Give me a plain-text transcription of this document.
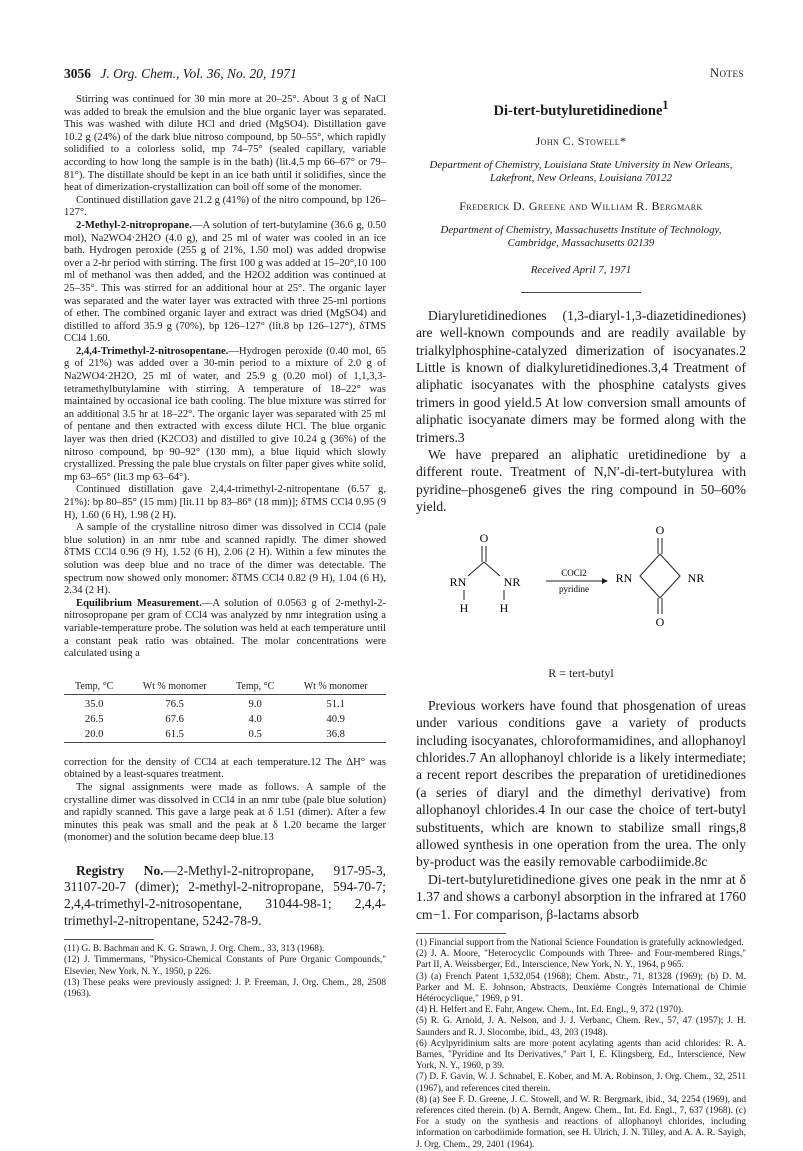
3056 J. Org. Chem., Vol. 36, No. 20, 1971	Notes

Stirring was continued for 30 min more at 20–25°. About 3 g of NaCl was added to break the emulsion and the blue organic layer was separated. This was washed with dilute HCl and dried (MgSO4). Distillation gave 10.2 g (24%) of the dark blue nitroso compound, bp 50–55°, which rapidly solidified to a colorless solid, mp 74–75° (sealed capillary, variable according to how long the sample is in the bath) (lit.4,5 mp 66–67° or 79–81°). The distillate should be kept in an ice bath until it solidifies, since the heat of dimerization-crystallization can boil off some of the monomer.

Continued distillation gave 21.2 g (41%) of the nitro compound, bp 126–127°.

2-Methyl-2-nitropropane.—A solution of tert-butylamine (36.6 g, 0.50 mol), Na2WO4·2H2O (4.0 g), and 25 ml of water was cooled in an ice bath. Hydrogen peroxide (255 g of 21%, 1.50 mol) was added dropwise over a 2-hr period with stirring. The first 100 g was added at 15–20°,10 100 ml of methanol was then added, and the H2O2 addition was continued at 25–35°. This was stirred for an additional hour at 25°. The organic layer was separated and the water layer was extracted with three 25-ml portions of ether. The combined organic layer and extract was dried (MgSO4) and distilled to afford 35.9 g (70%), bp 126–127° (lit.8 bp 126–127°), δTMS CCl4 1.60.

2,4,4-Trimethyl-2-nitrosopentane.—Hydrogen peroxide (0.40 mol, 65 g of 21%) was added over a 30-min period to a mixture of 2.0 g of Na2WO4·2H2O, 25 ml of water, and 25.9 g (0.20 mol) of 1,1,3,3-tetramethylbutylamine with stirring. A temperature of 18–22° was maintained by occasional ice bath cooling. The blue mixture was stirred for an additional 3.5 hr at 18–22°. The organic layer was separated with 25 ml of pentane and then extracted with excess dilute HCl. The blue organic layer was then dried (K2CO3) and distilled to give 10.24 g (36%) of the nitroso compound, bp 90–92° (130 mm), a blue liquid which slowly crystallized. Pressing the pale blue crystals on filter paper gives white solid, mp 63–65° (lit.3 mp 63–64°).

Continued distillation gave 2,4,4-trimethyl-2-nitropentane (6.57 g, 21%): bp 80–85° (15 mm) [lit.11 bp 83–86° (18 mm)]; δTMS CCl4 0.95 (9 H), 1.60 (6 H), 1.98 (2 H).

A sample of the crystalline nitroso dimer was dissolved in CCl4 (pale blue solution) in an nmr tube and scanned rapidly. The dimer showed δTMS CCl4 0.96 (9 H), 1.52 (6 H), 2.06 (2 H). Within a few minutes the solution was deep blue and no trace of the dimer was detectable. The spectrum now showed only monomer: δTMS CCl4 0.82 (9 H), 1.04 (6 H), 2.34 (2 H).

Equilibrium Measurement.—A solution of 0.0563 g of 2-methyl-2-nitrosopropane per gram of CCl4 was analyzed by nmr integration using a variable-temperature probe. The solution was held at each temperature until a constant peak ratio was obtained. The molar concentrations were calculated using a

Temp, °C	Wt % monomer	Temp, °C	Wt % monomer

35.0	76.5	9.0	51.1
26.5	67.6	4.0	40.9
20.0	61.5	0.5	36.8

correction for the density of CCl4 at each temperature.12 The ΔH° was obtained by a least-squares treatment.

The signal assignments were made as follows. A sample of the crystalline dimer was dissolved in CCl4 in an nmr tube (pale blue solution) and rapidly scanned. This gave a large peak at δ 1.51 (dimer). After a few minutes this peak was small and the peak at δ 1.20 became the larger (monomer) and the solution became deep blue.13

Registry No.—2-Methyl-2-nitropropane, 917-95-3, 31107-20-7 (dimer); 2-methyl-2-nitropropane, 594-70-7; 2,4,4-trimethyl-2-nitrosopentane, 31044-98-1; 2,4,4-trimethyl-2-nitropentane, 5242-78-9.

(11) G. B. Bachman and K. G. Strawn, J. Org. Chem., 33, 313 (1968).

(12) J. Timmermans, "Physico-Chemical Constants of Pure Organic Compounds," Elsevier, New York, N. Y., 1950, p 226.

(13) These peaks were previously assigned: J. P. Freeman, J. Org. Chem., 28, 2508 (1963).

Di-tert-butyluretidinedione$^1$
John C. Stowell*
Department of Chemistry, Louisiana State University in New Orleans, Lakefront, New Orleans, Louisiana 70122
Frederick D. Greene and William R. Bergmark
Department of Chemistry, Massachusetts Institute of Technology, Cambridge, Massachusetts 02139
Received April 7, 1971

Diaryluretidinediones (1,3-diaryl-1,3-diazetidinediones) are well-known compounds and are readily available by trialkylphosphine-catalyzed dimerization of isocyanates.2 Little is known of dialkyluretidinediones.3,4 Treatment of aliphatic isocyanates with the phosphine catalysts gives trimers in good yield.5 At low conversion small amounts of aliphatic isocyanate dimers may be formed along with the trimers.3

We have prepared an aliphatic uretidinedione by a different route. Treatment of N,N′-di-tert-butylurea with pyridine–phosgene6 gives the ring compound in 50–60% yield.

O
RN	NR
H	H
COCl2
pyridine
O
RN	NR
O
R = tert-butyl

Previous workers have found that phosgenation of ureas under various conditions gave a variety of products including isocyanates, chloroformamidines, and allophanoyl chlorides.7 An allophanoyl chloride is a likely intermediate; a recent report describes the preparation of uretidinediones (a series of diaryl and the dimethyl derivative) from allophanoyl chlorides.4 In our case the choice of tert-butyl substituents, which are known to stabilize small rings,8 allowed synthesis in one operation from the urea. The only by-product was the easily removable carbodiimide.8c

Di-tert-butyluretidinedione gives one peak in the nmr at δ 1.37 and shows a carbonyl absorption in the infrared at 1760 cm−1. For comparison, β-lactams absorb

(1) Financial support from the National Science Foundation is gratefully acknowledged.

(2) J. A. Moore, "Heterocyclic Compounds with Three- and Four-membered Rings," Part II, A. Weissberger, Ed., Interscience, New York, N. Y., 1964, p 965.

(3) (a) French Patent 1,532,054 (1968); Chem. Abstr., 71, 81328 (1969); (b) D. M. Parker and M. E. Johnson, Abstracts, Deuxième Congrès International de Chimie Hétérocyclique," 1969, p 91.

(4) H. Helfert and E. Fahr, Angew. Chem., Int. Ed. Engl., 9, 372 (1970).

(5) R. G. Arnold, J. A. Nelson, and J. J. Verbanc, Chem. Rev., 57, 47 (1957); J. H. Saunders and R. J. Slocombe, ibid., 43, 203 (1948).

(6) Acylpyridinium salts are more potent acylating agents than acid chlorides: R. A. Barnes, "Pyridine and Its Derivatives," Part I, E. Klingsberg, Ed., Interscience, New York, N. Y., 1960, p 39.

(7) D. F. Gavin, W. J. Schnabel, E. Kober, and M. A. Robinson, J. Org. Chem., 32, 2511 (1967), and references cited therein.

(8) (a) See F. D. Greene, J. C. Stowell, and W. R. Bergmark, ibid., 34, 2254 (1969), and references cited therein. (b) A. Berndt, Angew. Chem., Int. Ed. Engl., 7, 637 (1968). (c) For a study on the synthesis and reactions of allophanoyl chlorides, including information on carbodiimide formation, see H. Ulrich, J. N. Tilley, and A. A. R. Sayigh, J. Org. Chem., 29, 2401 (1964).
